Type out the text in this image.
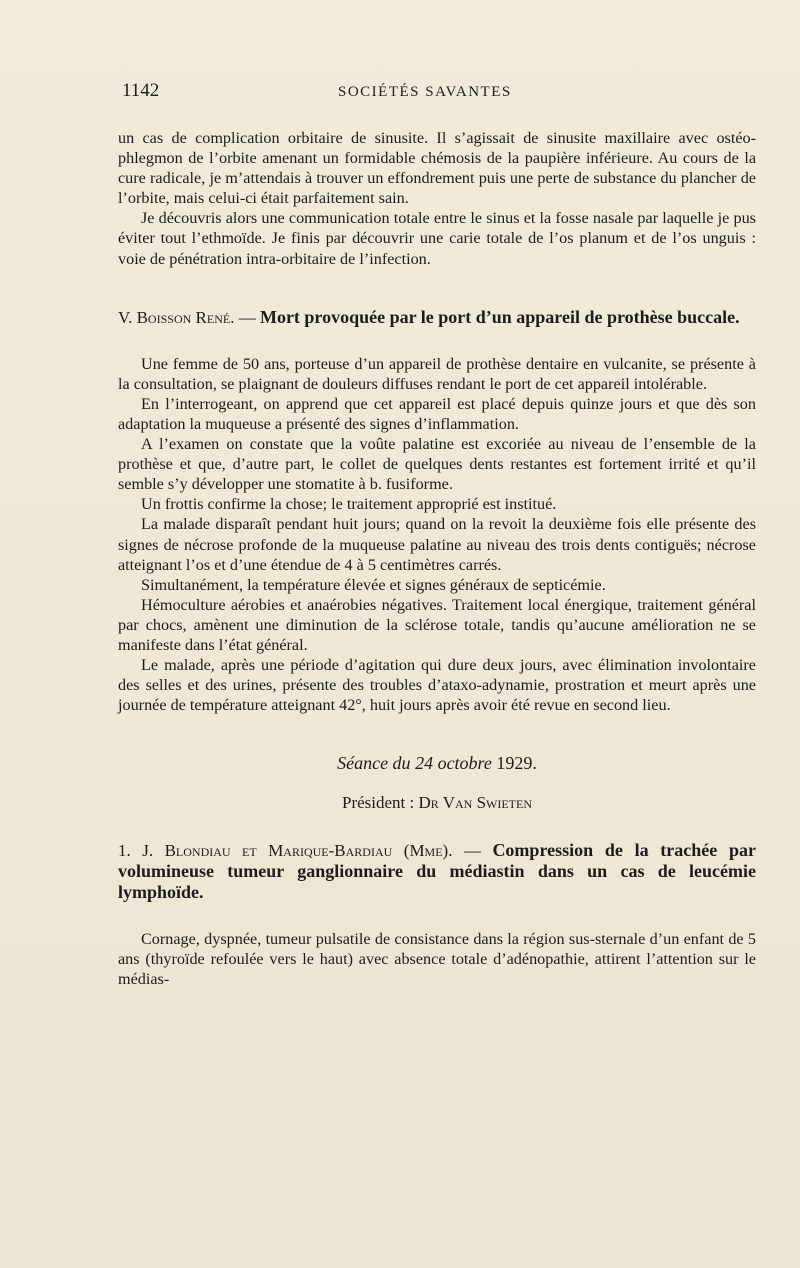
1142	SOCIÉTÉS SAVANTES

un cas de complication orbitaire de sinusite. Il s’agissait de sinusite maxillaire avec ostéo-phlegmon de l’orbite amenant un formidable chémosis de la paupière inférieure. Au cours de la cure radicale, je m’attendais à trouver un effondrement puis une perte de substance du plancher de l’orbite, mais celui-ci était parfaitement sain.

Je découvris alors une communication totale entre le sinus et la fosse nasale par laquelle je pus éviter tout l’ethmoïde. Je finis par découvrir une carie totale de l’os planum et de l’os unguis : voie de pénétration intra-orbitaire de l’infection.

V. Boisson René. — Mort provoquée par le port d’un appareil de prothèse buccale.

Une femme de 50 ans, porteuse d’un appareil de prothèse dentaire en vulcanite, se présente à la consultation, se plaignant de douleurs diffuses rendant le port de cet appareil intolérable.

En l’interrogeant, on apprend que cet appareil est placé depuis quinze jours et que dès son adaptation la muqueuse a présenté des signes d’inflammation.

A l’examen on constate que la voûte palatine est excoriée au niveau de l’ensemble de la prothèse et que, d’autre part, le collet de quelques dents restantes est fortement irrité et qu’il semble s’y développer une stomatite à b. fusiforme.

Un frottis confirme la chose; le traitement approprié est institué.

La malade disparaît pendant huit jours; quand on la revoit la deuxième fois elle présente des signes de nécrose profonde de la muqueuse palatine au niveau des trois dents contiguës; nécrose atteignant l’os et d’une étendue de 4 à 5 centimètres carrés.

Simultanément, la température élevée et signes généraux de septicémie.

Hémoculture aérobies et anaérobies négatives. Traitement local énergique, traitement général par chocs, amènent une diminution de la sclérose totale, tandis qu’aucune amélioration ne se manifeste dans l’état général.

Le malade, après une période d’agitation qui dure deux jours, avec élimination involontaire des selles et des urines, présente des troubles d’ataxo-adynamie, prostration et meurt après une journée de température atteignant 42°, huit jours après avoir été revue en second lieu.

Séance du 24 octobre 1929.

Président : Dr Van Swieten

1. J. Blondiau et Marique-Bardiau (Mme). — Compression de la trachée par volumineuse tumeur ganglionnaire du médiastin dans un cas de leucémie lymphoïde.

Cornage, dyspnée, tumeur pulsatile de consistance dans la région sus-sternale d’un enfant de 5 ans (thyroïde refoulée vers le haut) avec absence totale d’adénopathie, attirent l’attention sur le médias-
